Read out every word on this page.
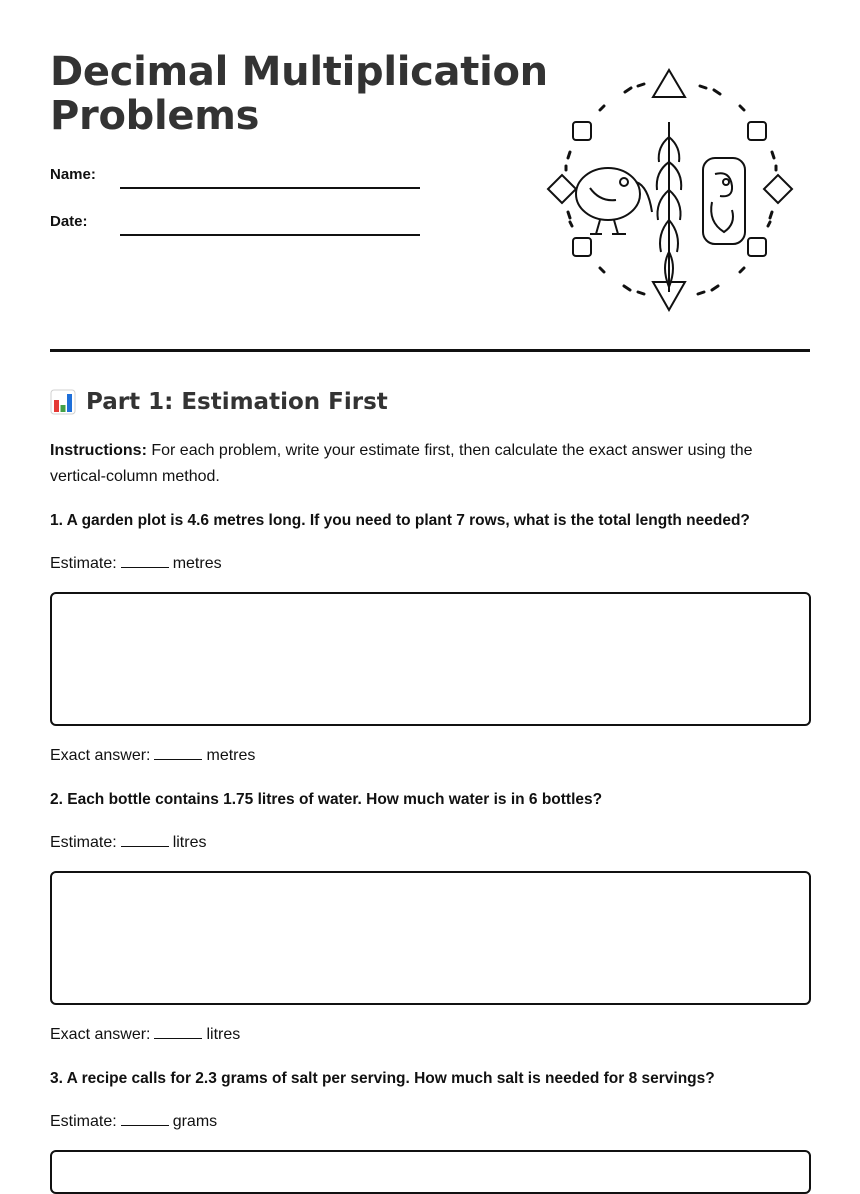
Decimal Multiplication
Problems
Name:
Date:
Part 1: Estimation First

Instructions: For each problem, write your estimate first, then calculate the exact answer using the vertical-column method.

1. A garden plot is 4.6 metres long. If you need to plant 7 rows, what is the total length needed?

Estimate:	metres

Exact answer:	metres

2. Each bottle contains 1.75 litres of water. How much water is in 6 bottles?

Estimate:	litres

Exact answer:	litres

3. A recipe calls for 2.3 grams of salt per serving. How much salt is needed for 8 servings?

Estimate:	grams
